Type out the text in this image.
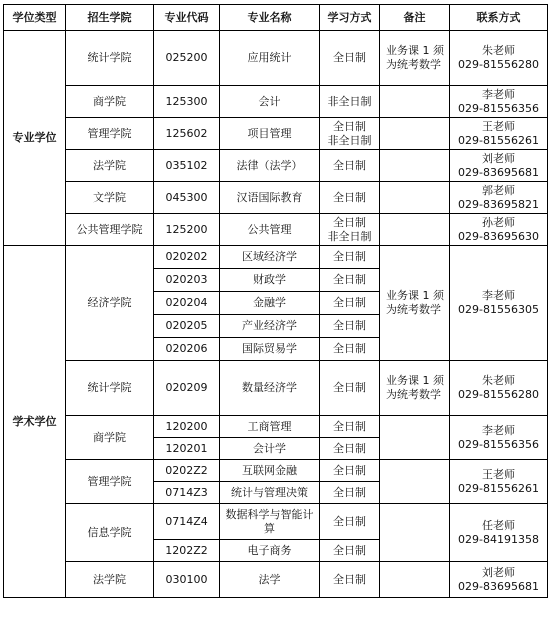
学位类型	招生学院	专业代码	专业名称	学习方式	备注	联系方式
专业学位	统计学院	025200	应用统计	全日制	业务课 1 须为统考数学	朱老师
029-81556280

	商学院	125300	会计	非全日制		李老师
029-81556356

	管理学院	125602	项目管理	全日制
非全日制		王老师
029-81556261

	法学院	035102	法律（法学）	全日制		刘老师
029-83695681

	文学院	045300	汉语国际教育	全日制		郭老师
029-83695821

	公共管理学院	125200	公共管理	全日制
非全日制		孙老师
029-83695630

学术学位	经济学院	020202	区域经济学	全日制	业务课 1 须为统考数学	李老师
029-81556305

		020203	财政学	全日制		
		020204	金融学	全日制		
		020205	产业经济学	全日制		
		020206	国际贸易学	全日制		
	统计学院	020209	数量经济学	全日制	业务课 1 须为统考数学	朱老师
029-81556280

	商学院	120200	工商管理	全日制		李老师
029-81556356

		120201	会计学	全日制		
	管理学院	0202Z2	互联网金融	全日制		王老师
029-81556261

		0714Z3	统计与管理决策	全日制		
	信息学院	0714Z4	数据科学与智能计算	全日制		任老师
029-84191358

		1202Z2	电子商务	全日制		
	法学院	030100	法学	全日制		刘老师
029-83695681
